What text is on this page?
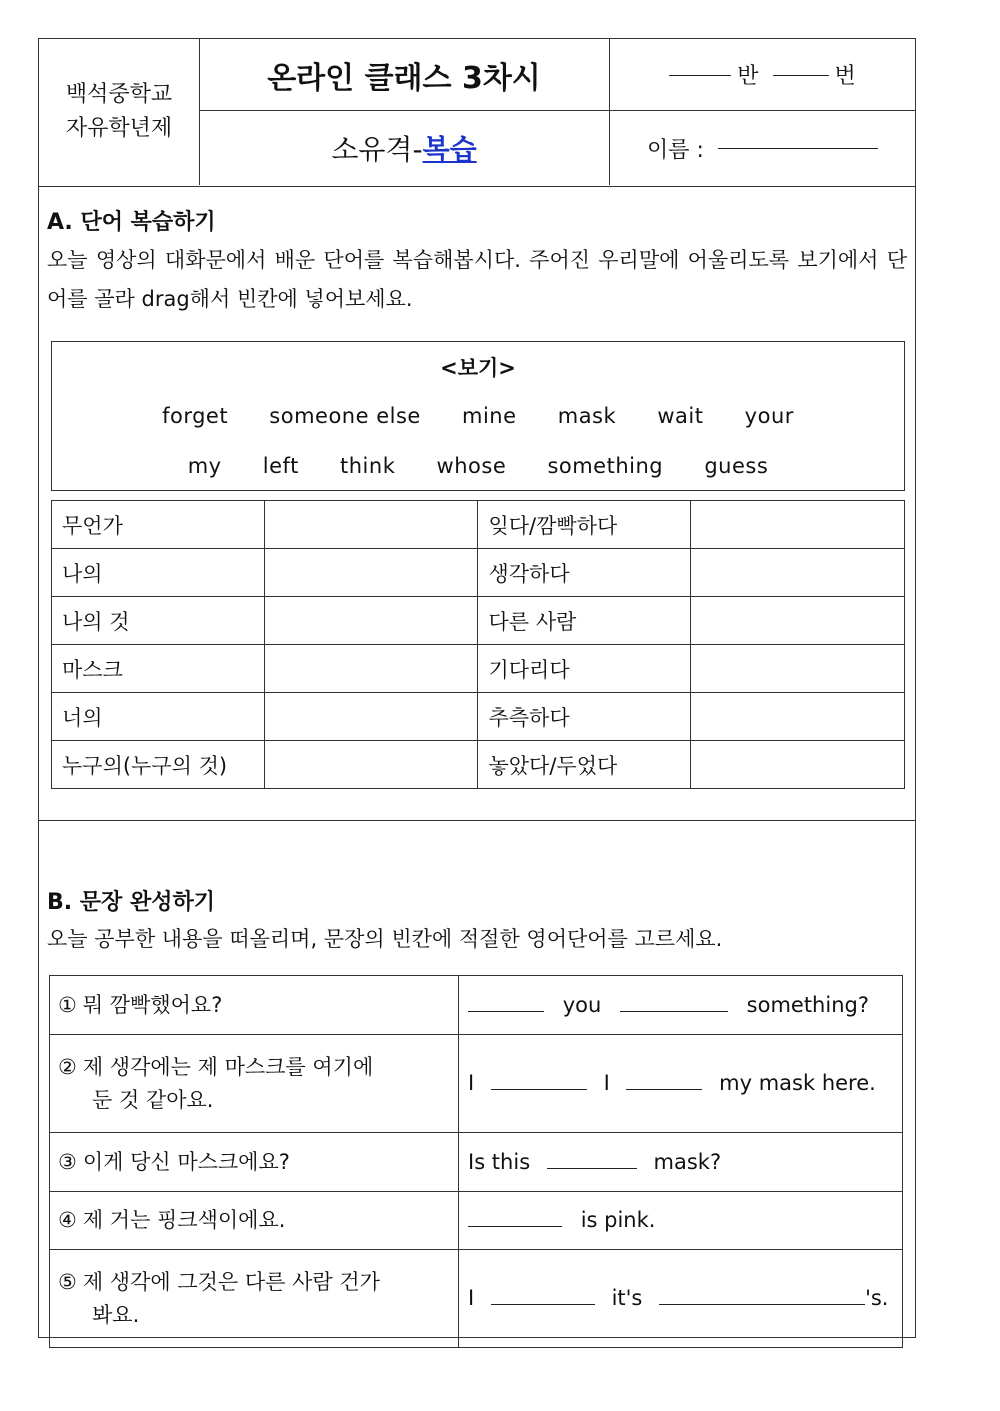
백석중학교
자유학년제
온라인 클래스 3차시	반	번
소유격- 복습	이름 :
A. 단어 복습하기
오늘 영상의 대화문에서 배운 단어를 복습해봅시다. 주어진 우리말에 어울리도록 보기에서 단어를 골라 drag해서 빈칸에 넣어보세요.
<보기>
forget someone else mine mask wait your
my left think whose something guess
무언가		잊다/깜빡하다	
나의		생각하다	
나의 것		다른 사람	
마스크		기다리다	
너의		추측하다	
누구의(누구의 것)		놓았다/두었다	
B. 문장 완성하기
오늘 공부한 내용을 떠올리며, 문장의 빈칸에 적절한 영어단어를 고르세요.
① 뭐 깜빡했어요?	you something?

② 제 생각에는 제 마스크를 여기에
둔 것 같아요.	I I my mask here.
③ 이게 당신 마스크에요?	Is this mask?
④ 제 거는 핑크색이에요.	is pink.

⑤ 제 생각에 그것은 다른 사람 건가
봐요.	I it's 's.
